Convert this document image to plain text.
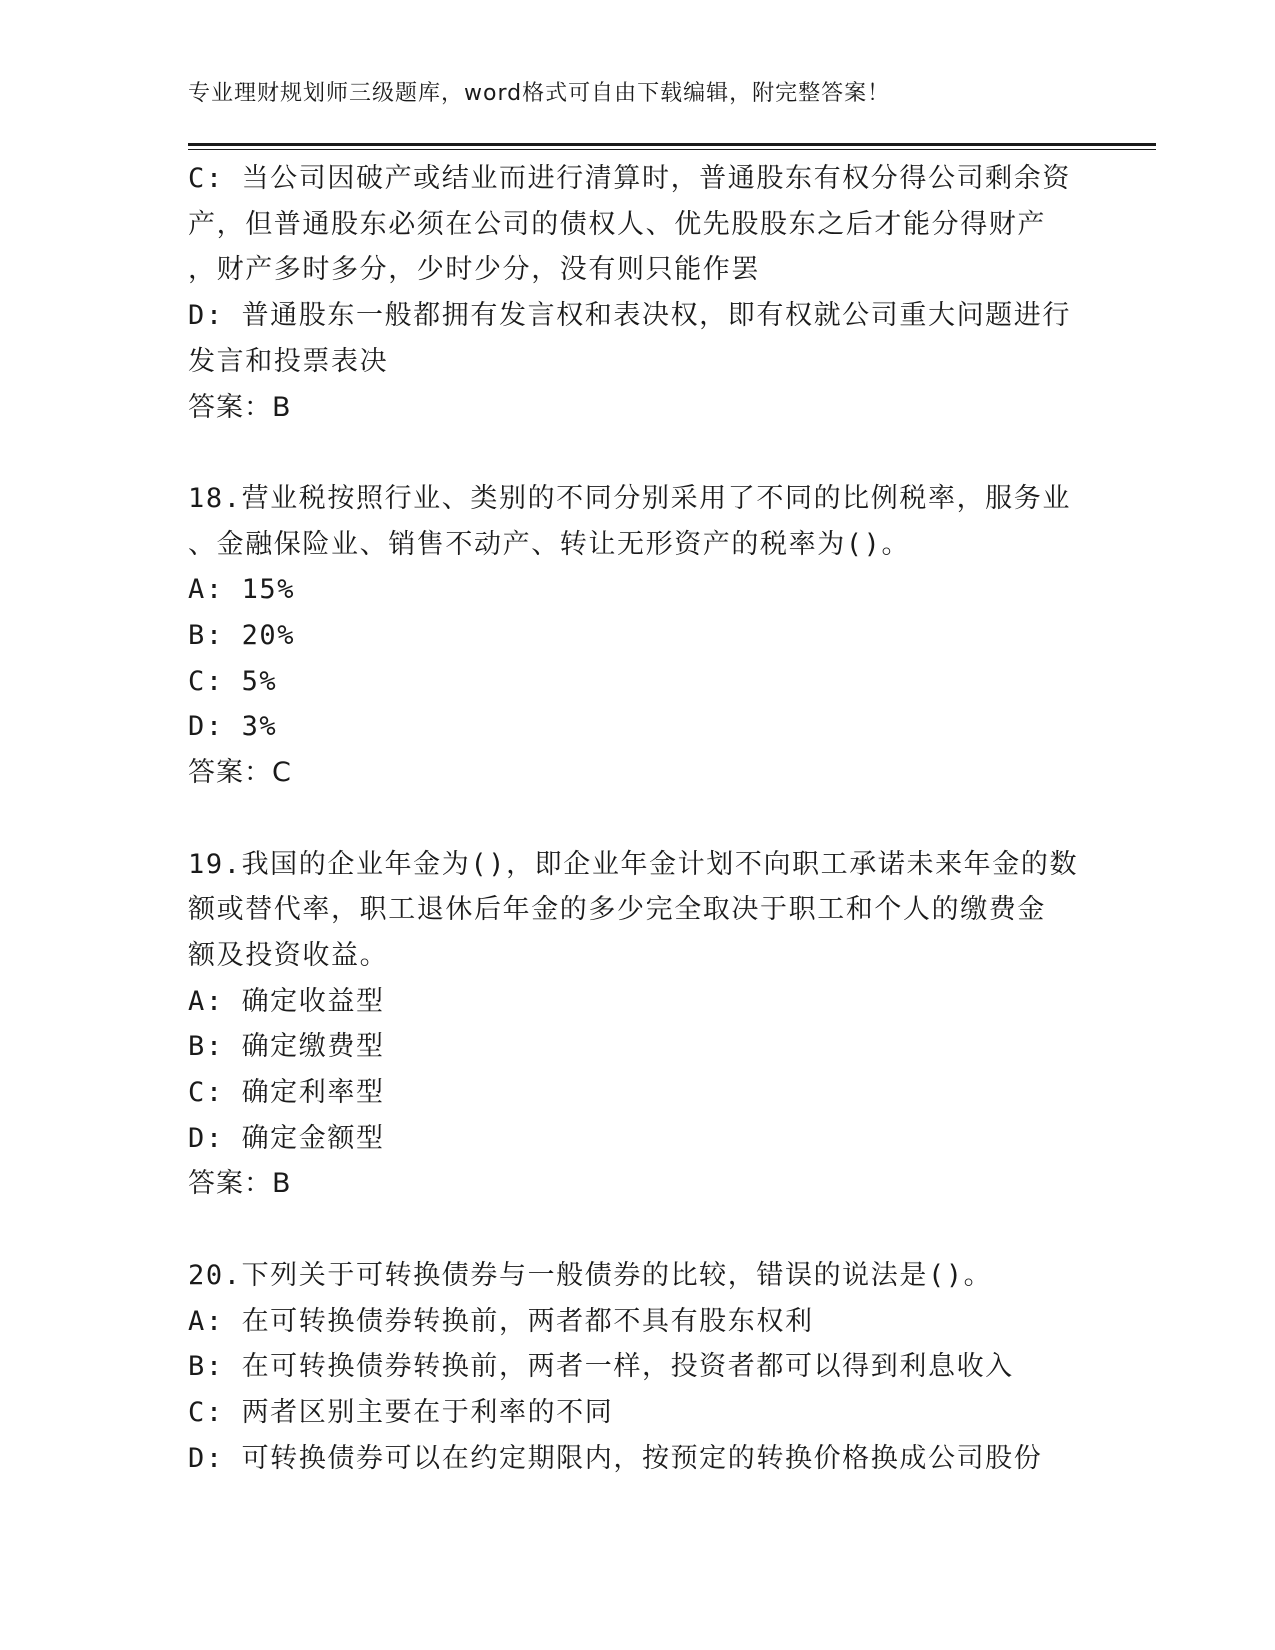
专业理财规划师三级题库，word格式可自由下载编辑，附完整答案！
C: 当公司因破产或结业而进行清算时，普通股东有权分得公司剩余资
产，但普通股东必须在公司的债权人、优先股股东之后才能分得财产
，财产多时多分，少时少分，没有则只能作罢
D: 普通股东一般都拥有发言权和表决权，即有权就公司重大问题进行
发言和投票表决
答案：B
18.营业税按照行业、类别的不同分别采用了不同的比例税率，服务业
、金融保险业、销售不动产、转让无形资产的税率为()。
A: 15%
B: 20%
C: 5%
D: 3%
答案：C
19.我国的企业年金为()，即企业年金计划不向职工承诺未来年金的数
额或替代率，职工退休后年金的多少完全取决于职工和个人的缴费金
额及投资收益。
A: 确定收益型
B: 确定缴费型
C: 确定利率型
D: 确定金额型
答案：B
20.下列关于可转换债券与一般债券的比较，错误的说法是()。
A: 在可转换债券转换前，两者都不具有股东权利
B: 在可转换债券转换前，两者一样，投资者都可以得到利息收入
C: 两者区别主要在于利率的不同
D: 可转换债券可以在约定期限内，按预定的转换价格换成公司股份
